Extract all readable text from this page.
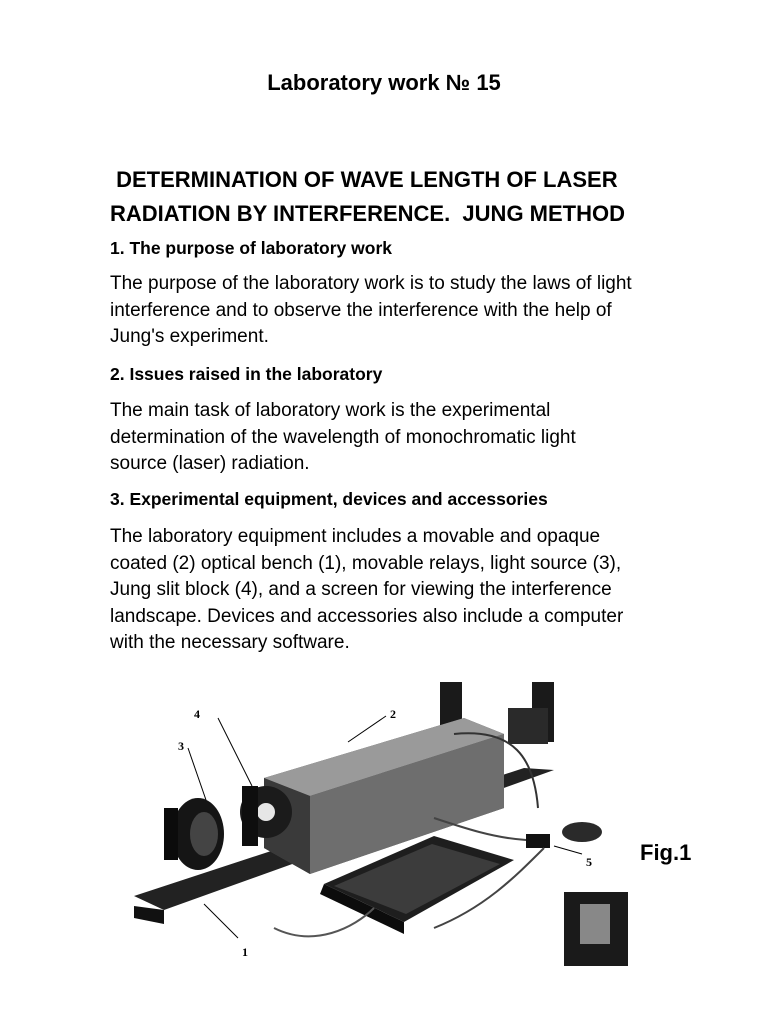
Laboratory work № 15
DETERMINATION OF WAVE LENGTH OF LASER
RADIATION BY INTERFERENCE.  JUNG METHOD
1. The purpose of laboratory work
The purpose of the laboratory work is to study the laws of light
interference and to observe the interference with the help of
Jung's experiment.
2. Issues raised in the laboratory
The main task of laboratory work is the experimental
determination of the wavelength of monochromatic light
source (laser) radiation.
3. Experimental equipment, devices and accessories
The laboratory equipment includes a movable and opaque
coated (2) optical bench (1), movable relays, light source (3),
Jung slit block (4), and a screen for viewing the interference
landscape. Devices and accessories also include a computer
with the necessary software.
1
2
3
4
5 Fig.1
